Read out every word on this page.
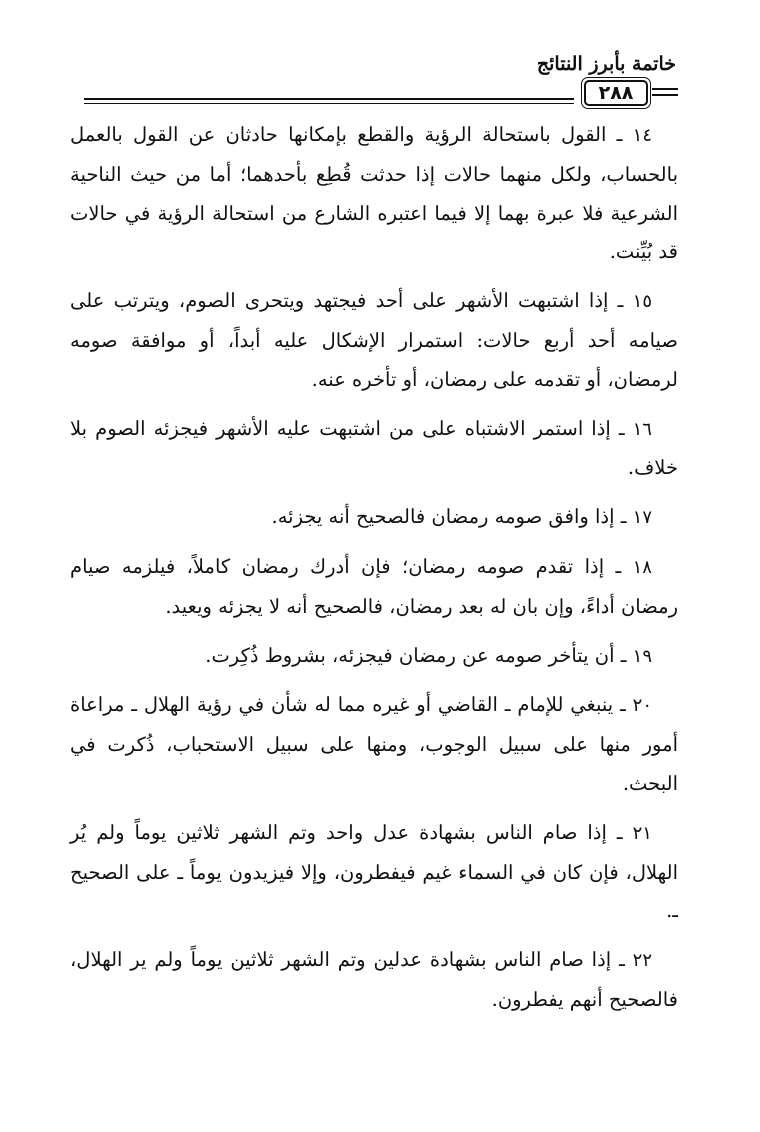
خاتمة بأبرز النتائج
٢٨٨

١٤ ـ القول باستحالة الرؤية والقطع بإمكانها حادثان عن القول بالعمل بالحساب، ولكل منهما حالات إذا حدثت قُطِع بأحدهما؛ أما من حيث الناحية الشرعية فلا عبرة بهما إلا فيما اعتبره الشارع من استحالة الرؤية في حالات قد بُيِّنت.

١٥ ـ إذا اشتبهت الأشهر على أحد فيجتهد ويتحرى الصوم، ويترتب على صيامه أحد أربع حالات: استمرار الإشكال عليه أبداً، أو موافقة صومه لرمضان، أو تقدمه على رمضان، أو تأخره عنه.

١٦ ـ إذا استمر الاشتباه على من اشتبهت عليه الأشهر فيجزئه الصوم بلا خلاف.

١٧ ـ إذا وافق صومه رمضان فالصحيح أنه يجزئه.

١٨ ـ إذا تقدم صومه رمضان؛ فإن أدرك رمضان كاملاً، فيلزمه صيام رمضان أداءً، وإن بان له بعد رمضان، فالصحيح أنه لا يجزئه ويعيد.

١٩ ـ أن يتأخر صومه عن رمضان فيجزئه، بشروط ذُكِرت.

٢٠ ـ ينبغي للإمام ـ القاضي أو غيره مما له شأن في رؤية الهلال ـ مراعاة أمور منها على سبيل الوجوب، ومنها على سبيل الاستحباب، ذُكرت في البحث.

٢١ ـ إذا صام الناس بشهادة عدل واحد وتم الشهر ثلاثين يوماً ولم يُر الهلال، فإن كان في السماء غيم فيفطرون، وإلا فيزيدون يوماً ـ على الصحيح ـ.

٢٢ ـ إذا صام الناس بشهادة عدلين وتم الشهر ثلاثين يوماً ولم ير الهلال، فالصحيح أنهم يفطرون.
